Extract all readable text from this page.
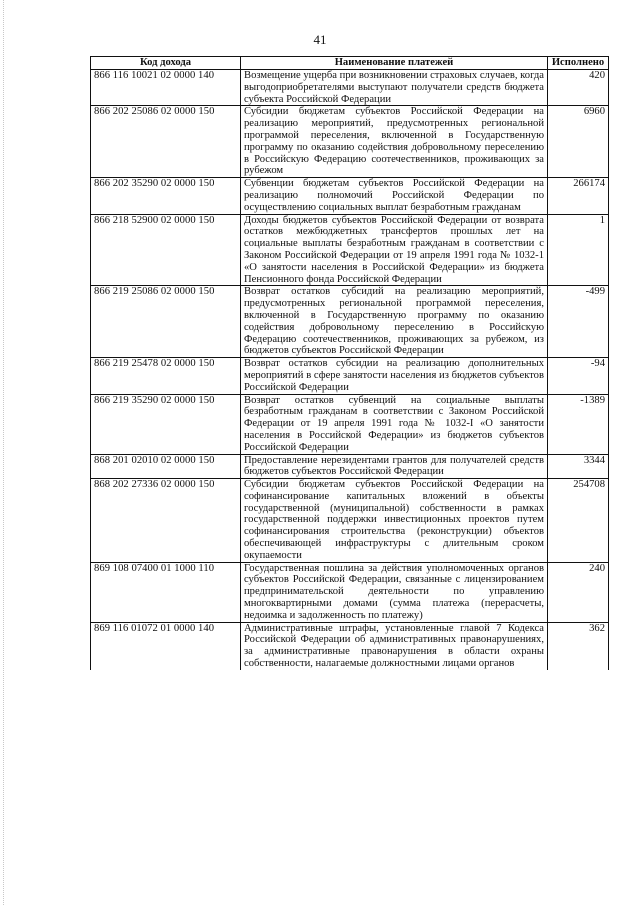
41
Код дохода	Наименование платежей	Исполнено
866 116 10021 02 0000 140	Возмещение ущерба при возникновении страховых случаев, когда выгодоприобретателями выступают получатели средств бюджета субъекта Российской Федерации	420
866 202 25086 02 0000 150	Субсидии бюджетам субъектов Российской Федерации на реализацию мероприятий, предусмотренных региональной программой переселения, включенной в Государственную программу по оказанию содействия добровольному переселению в Российскую Федерацию соотечественников, проживающих за рубежом	6960
866 202 35290 02 0000 150	Субвенции бюджетам субъектов Российской Федерации на реализацию полномочий Российской Федерации по осуществлению социальных выплат безработным гражданам	266174
866 218 52900 02 0000 150	Доходы бюджетов субъектов Российской Федерации от возврата остатков межбюджетных трансфертов прошлых лет на социальные выплаты безработным гражданам в соответствии с Законом Российской Федерации от 19 апреля 1991 года № 1032-1 «О занятости населения в Российской Федерации» из бюджета Пенсионного фонда Российской Федерации	1
866 219 25086 02 0000 150	Возврат остатков субсидий на реализацию мероприятий, предусмотренных региональной программой переселения, включенной в Государственную программу по оказанию содействия добровольному переселению в Российскую Федерацию соотечественников, проживающих за рубежом, из бюджетов субъектов Российской Федерации	-499
866 219 25478 02 0000 150	Возврат остатков субсидии на реализацию дополнительных мероприятий в сфере занятости населения из бюджетов субъектов Российской Федерации	-94
866 219 35290 02 0000 150	Возврат остатков субвенций на социальные выплаты безработным гражданам в соответствии с Законом Российской Федерации от 19 апреля 1991 года № 1032-I «О занятости населения в Российской Федерации» из бюджетов субъектов Российской Федерации	-1389
868 201 02010 02 0000 150	Предоставление нерезидентами грантов для получателей средств бюджетов субъектов Российской Федерации	3344
868 202 27336 02 0000 150	Субсидии бюджетам субъектов Российской Федерации на софинансирование капитальных вложений в объекты государственной (муниципальной) собственности в рамках государственной поддержки инвестиционных проектов путем софинансирования строительства (реконструкции) объектов обеспечивающей инфраструктуры с длительным сроком окупаемости	254708
869 108 07400 01 1000 110	Государственная пошлина за действия уполномоченных органов субъектов Российской Федерации, связанные с лицензированием предпринимательской деятельности по управлению многоквартирными домами (сумма платежа (перерасчеты, недоимка и задолженность по платежу)	240
869 116 01072 01 0000 140	Административные штрафы, установленные главой 7 Кодекса Российской Федерации об административных правонарушениях, за административные правонарушения в области охраны собственности, налагаемые должностными лицами органов	362
